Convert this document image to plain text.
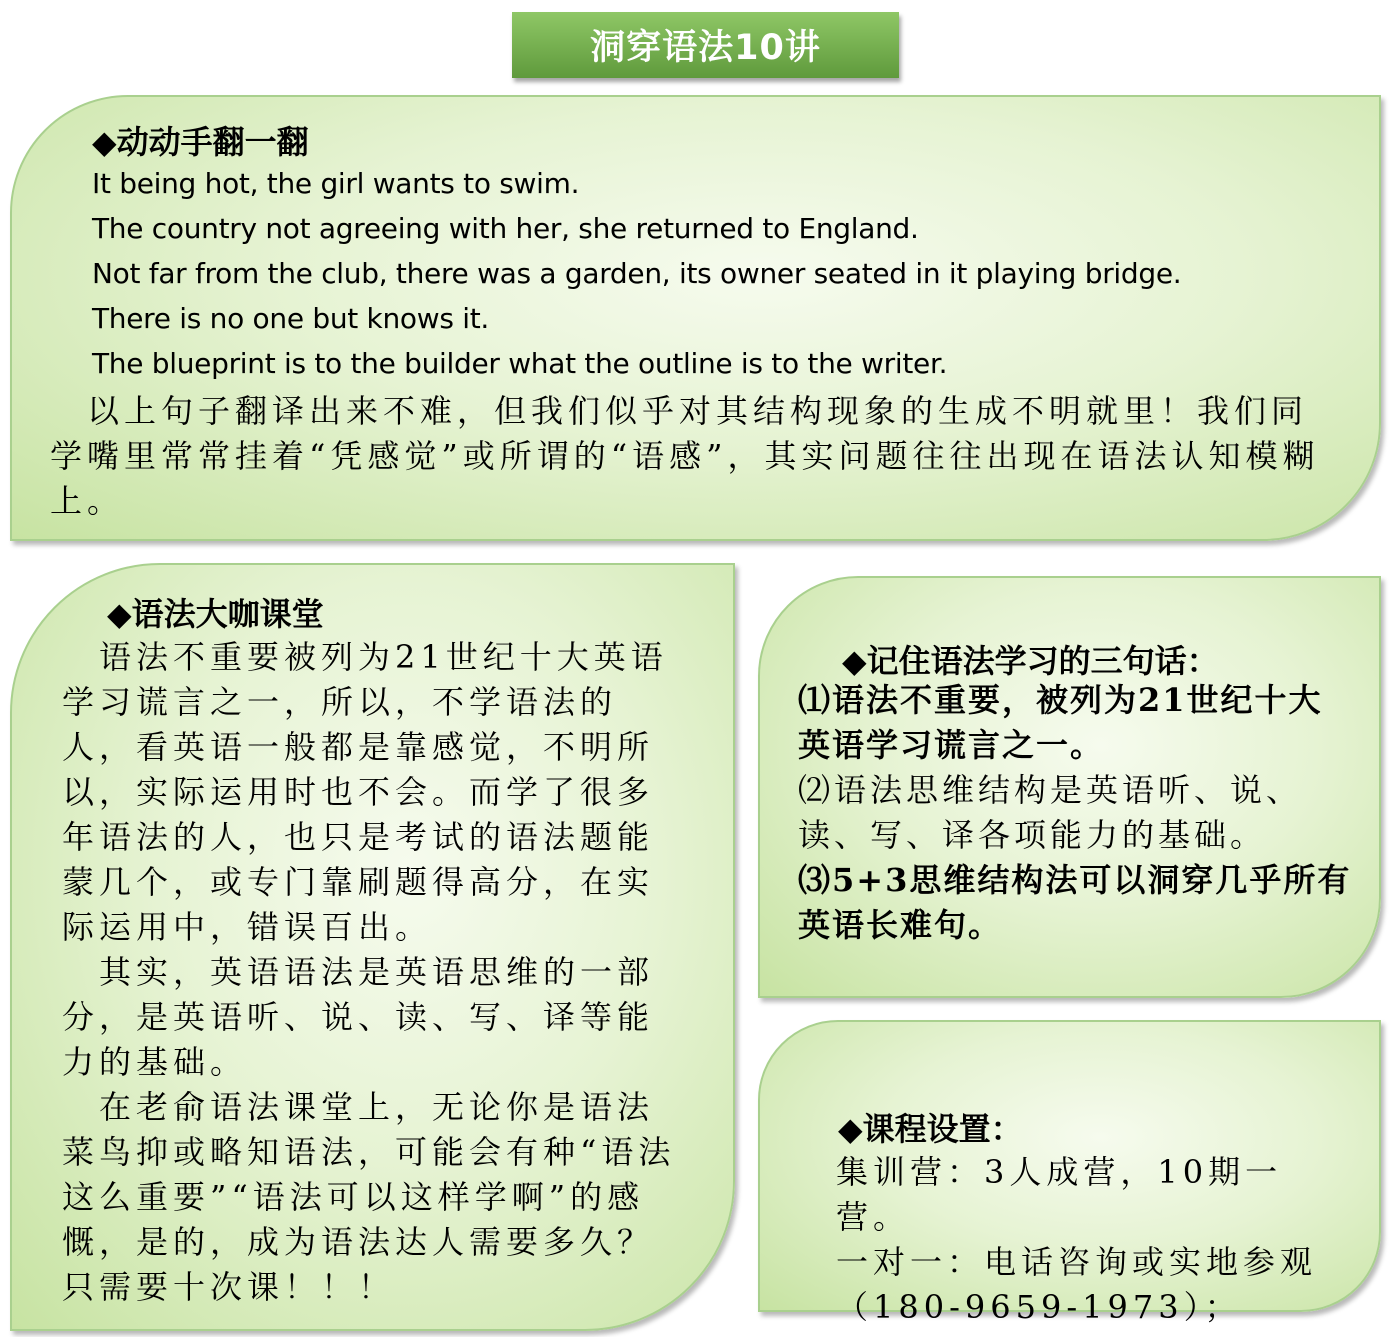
洞穿语法10讲
◆动动手翻一翻
It being hot, the girl wants to swim.
The country not agreeing with her, she returned to England.
Not far from the club, there was a garden, its owner seated in it playing bridge.
There is no one but knows it.
The blueprint is to the builder what the outline is to the writer.
　以上句子翻译出来不难，但我们似乎对其结构现象的生成不明就里！我们同学嘴里常常挂着“凭感觉”或所谓的“语感”，其实问题往往出现在语法认知模糊上。
◆语法大咖课堂

　语法不重要被列为21世纪十大英语学习谎言之一，所以，不学语法的人，看英语一般都是靠感觉，不明所以，实际运用时也不会。而学了很多年语法的人，也只是考试的语法题能蒙几个，或专门靠刷题得高分，在实际运用中，错误百出。

　其实，英语语法是英语思维的一部分，是英语听、说、读、写、译等能力的基础。

　在老俞语法课堂上，无论你是语法菜鸟抑或略知语法，可能会有种“语法这么重要”“语法可以这样学啊”的感慨，是的，成为语法达人需要多久？只需要十次课！！！

◆记住语法学习的三句话：

⑴语法不重要，被列为21世纪十大英语学习谎言之一。

⑵语法思维结构是英语听、说、读、写、译各项能力的基础。

⑶5+3思维结构法可以洞穿几乎所有英语长难句。

◆课程设置：

集训营：3人成营，10期一营。

一对一：电话咨询或实地参观

（180-9659-1973）；
